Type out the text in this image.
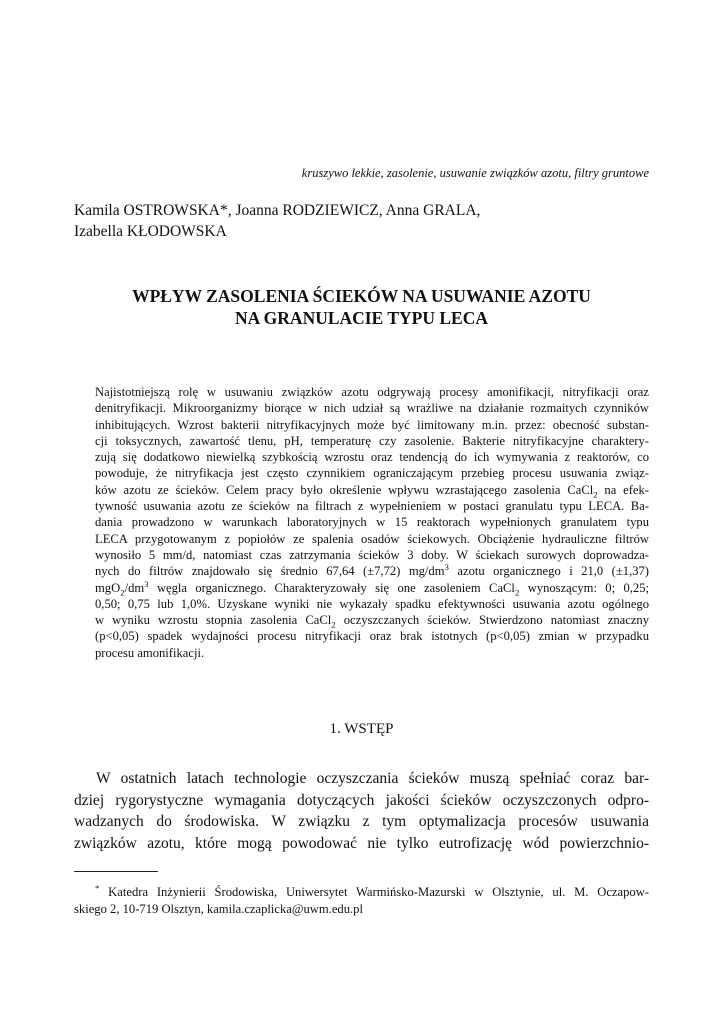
kruszywo lekkie, zasolenie, usuwanie związków azotu, filtry gruntowe
Kamila OSTROWSKA*, Joanna RODZIEWICZ, Anna GRALA,
Izabella KŁODOWSKA
WPŁYW ZASOLENIA ŚCIEKÓW NA USUWANIE AZOTU
NA GRANULACIE TYPU LECA
Najistotniejszą rolę w usuwaniu związków azotu odgrywają procesy amonifikacji, nitryfikacji oraz
denitryfikacji. Mikroorganizmy biorące w nich udział są wrażliwe na działanie rozmaitych czynników
inhibitujących. Wzrost bakterii nitryfikacyjnych może być limitowany m.in. przez: obecność substan-
cji toksycznych, zawartość tlenu, pH, temperaturę czy zasolenie. Bakterie nitryfikacyjne charaktery-
zują się dodatkowo niewielką szybkością wzrostu oraz tendencją do ich wymywania z reaktorów, co
powoduje, że nitryfikacja jest często czynnikiem ograniczającym przebieg procesu usuwania związ-
ków azotu ze ścieków. Celem pracy było określenie wpływu wzrastającego zasolenia CaCl$_2$ na efek-
tywność usuwania azotu ze ścieków na filtrach z wypełnieniem w postaci granulatu typu LECA. Ba-
dania prowadzono w warunkach laboratoryjnych w 15 reaktorach wypełnionych granulatem typu
LECA przygotowanym z popiołów ze spalenia osadów ściekowych. Obciążenie hydrauliczne filtrów
wynosiło 5 mm/d, natomiast czas zatrzymania ścieków 3 doby. W ściekach surowych doprowadza-
nych do filtrów znajdowało się średnio 67,64 (±7,72) $mg/dm^3$ azotu organicznego i 21,0 (±1,37)
$mgO_2/dm^3$ węgla organicznego. Charakteryzowały się one zasoleniem CaCl$_2$ wynoszącym: 0; 0,25;
0,50; 0,75 lub 1,0%. Uzyskane wyniki nie wykazały spadku efektywności usuwania azotu ogólnego
w wyniku wzrostu stopnia zasolenia CaCl$_2$ oczyszczanych ścieków. Stwierdzono natomiast znaczny
(p<0,05) spadek wydajności procesu nitryfikacji oraz brak istotnych (p<0,05) zmian w przypadku
procesu amonifikacji.
1. WSTĘP
W ostatnich latach technologie oczyszczania ścieków muszą spełniać coraz bar-
dziej rygorystyczne wymagania dotyczących jakości ścieków oczyszczonych odpro-
wadzanych do środowiska. W związku z tym optymalizacja procesów usuwania
związków azotu, które mogą powodować nie tylko eutrofizację wód powierzchnio-
* Katedra Inżynierii Środowiska, Uniwersytet Warmińsko-Mazurski w Olsztynie, ul. M. Oczapow-
skiego 2, 10-719 Olsztyn, kamila.czaplicka@uwm.edu.pl
